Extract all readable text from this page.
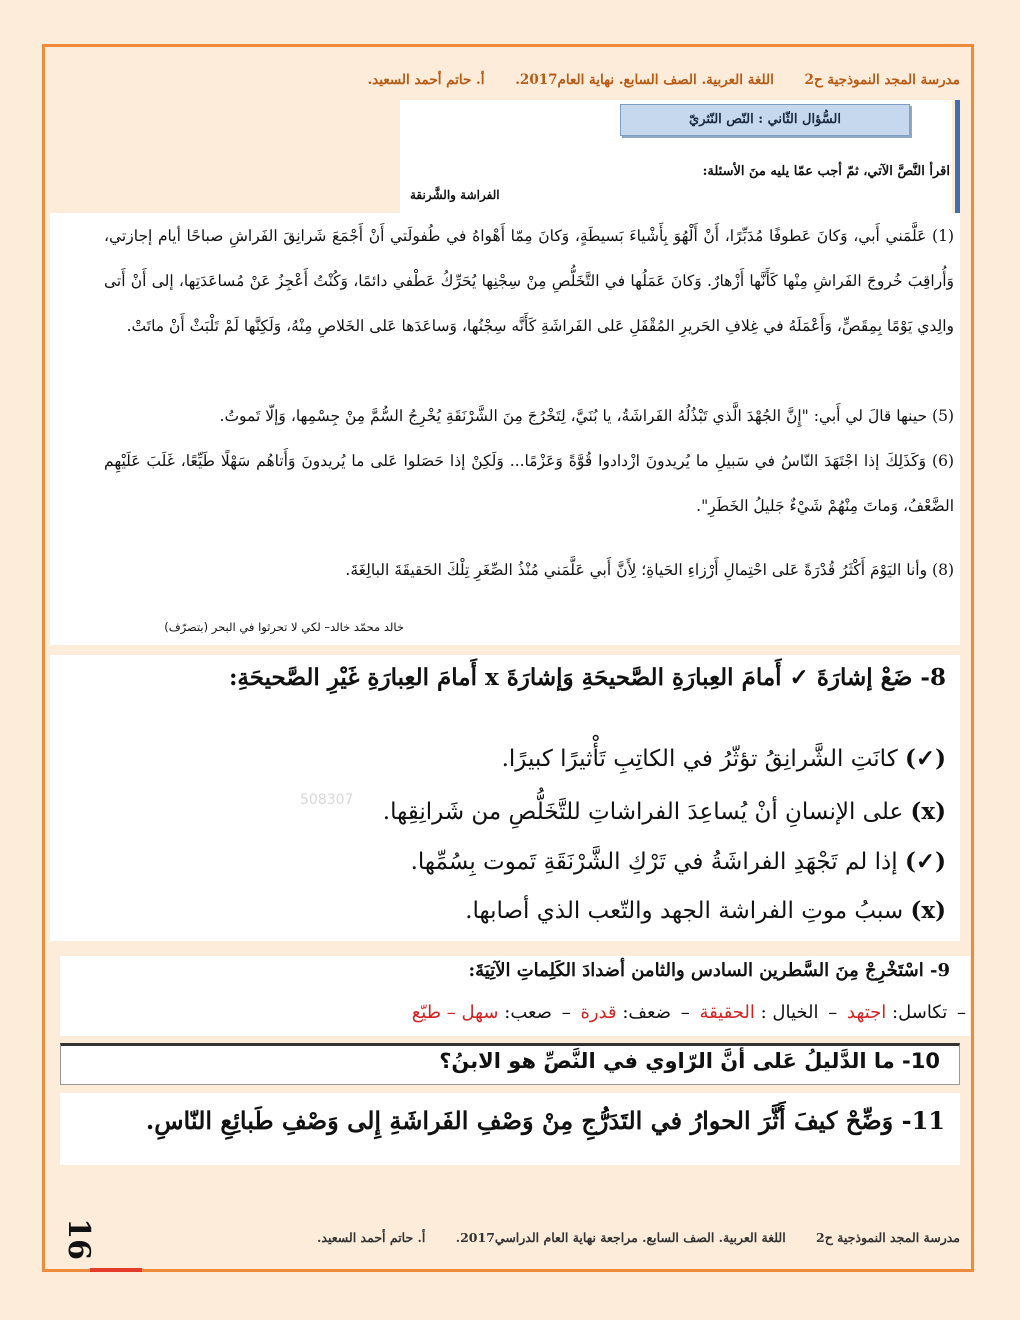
مدرسة المجد النموذجية ح2 اللغة العربية. الصف السابع. نهاية العام2017. أ. حاتم أحمد السعيد.
السُّؤال الثّاني : النّص النّثريّ
اقرأ النَّصَّ الآتي، ثمّ أجب عمّا يليه منَ الأسئلة:
الفراشة والشَّرنقة
(1) عَلَّمَني أَبي، وَكانَ عَطوفًا مُدَبِّرًا، أَنْ أَلْهُوَ بِأَشْياءَ بَسيطَةٍ، وَكانَ مِمّا أَهْواهُ في طُفولَتي أَنْ أَجْمَعَ شَرانِقَ الفَراشِ صباحًا أيام إجازتي، وَأُراقِبَ خُروجَ الفَراشِ مِنْها كَأَنَّها أَزْهارٌ. وَكانَ عَمَلُها في التَّخَلُّصِ مِنْ سِجْنِها يُحَرِّكُ عَطْفي دائمًا، وَكُنْتُ أَعْجِزُ عَنْ مُساعَدَتِها، إلى أَنْ أَتى والِدي يَوْمًا بِمِقَصٍّ، وَأَعْمَلَهُ في غِلافِ الحَريرِ المُقْفَلِ عَلى الفَراشَةِ كَأَنَّه سِجْنُها، وَساعَدَها عَلى الخَلاصِ مِنْهُ، وَلَكِنَّها لَمْ تَلْبَثْ أَنْ ماتَتْ.
(5) حينها قالَ لي أَبي: "إِنَّ الجُهْدَ الَّذي تَبْذُلُهُ الفَراشَةُ، يا بُنَيَّ، لِتَخْرُجَ مِنَ الشَّرْنَقَةِ يُخْرِجُ السُّمَّ مِنْ جِسْمِها، وَإلّا تَموتُ.
(6) وَكَذَلِكَ إذا اجْتَهَدَ النّاسُ في سَبيلِ ما يُريدونَ ازْدادوا قُوَّةً وَعَزْمًا... وَلَكِنْ إذا حَصَلوا عَلى ما يُريدونَ وَأَتاهُم سَهْلًا طَيِّعًا، غَلَبَ عَلَيْهِم الضَّعْفُ، وَماتَ مِنْهُمْ شَيْءٌ جَليلُ الخَطَرِ".
(8) وأنا اليَوْمَ أَكْثَرُ قُدْرَةً عَلى احْتِمالِ أَرْزاءِ الحَياةِ؛ لِأَنَّ أَبي عَلَّمَني مُنْذُ الصِّغَرِ تِلْكَ الحَقيقَةَ البالِغَةَ.
خالد محمّد خالد– لكي لا تحرثوا في البحر (بتصرّف)
8- ضَعْ إشارَةَ ✓ أَمامَ العِبارَةِ الصَّحيحَةِ وَإشارَةَ x أَمامَ العِبارَةِ غَيْرِ الصَّحيحَةِ:
(✓) كانَتِ الشَّرانِقُ تؤثّرُ في الكاتِبِ تَأْثيرًا كبيرًا.
(x) على الإنسانِ أنْ يُساعِدَ الفراشاتِ للتَّخَلُّصِ من شَرانِقِها.
(✓) إذا لم تَجْهَدِ الفراشَةُ في تَرْكِ الشَّرْنَقَةِ تَموت بِسُمِّها.
(x) سببُ موتِ الفراشة الجهد والتّعب الذي أصابها.
508307
9- اسْتَخْرِجْ مِنَ السَّطرين السادس والثامن أضدادَ الكَلِماتِ الآتِيَةَ:
– تكاسل: اجتهد – الخيال : الحقيقة – ضعف: قدرة – صعب: سهل – طيّع
10- ما الدَّليلُ عَلى أنَّ الرّاوي في النَّصِّ هو الابنُ؟
11- وَضِّحْ كيفَ أَثَّرَ الحوارُ في التَدَرُّجِ مِنْ وَصْفِ الفَراشَةِ إِلى وَصْفِ طَبائِعِ النّاسِ.
مدرسة المجد النموذجية ح2 اللغة العربية. الصف السابع. مراجعة نهاية العام الدراسي2017. أ. حاتم أحمد السعيد.
16
